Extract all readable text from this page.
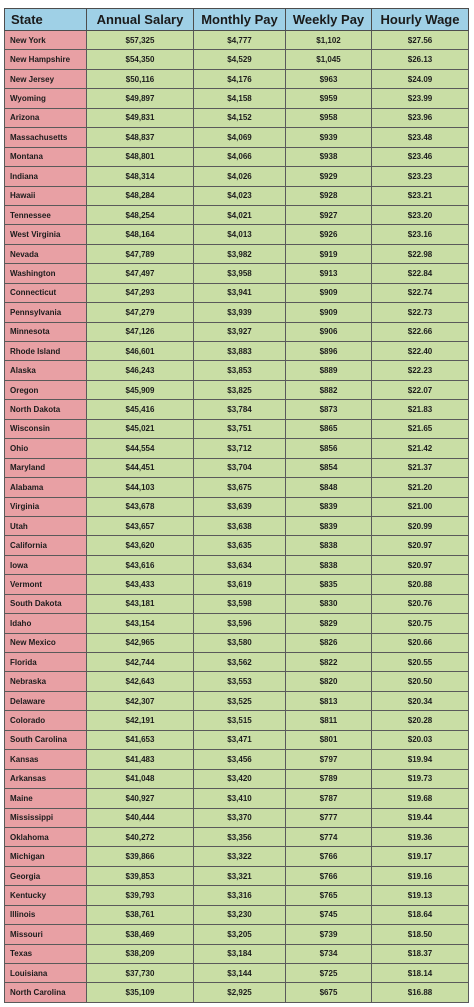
State	Annual Salary	Monthly Pay	Weekly Pay	Hourly Wage
New York	$57,325	$4,777	$1,102	$27.56
New Hampshire	$54,350	$4,529	$1,045	$26.13
New Jersey	$50,116	$4,176	$963	$24.09
Wyoming	$49,897	$4,158	$959	$23.99
Arizona	$49,831	$4,152	$958	$23.96
Massachusetts	$48,837	$4,069	$939	$23.48
Montana	$48,801	$4,066	$938	$23.46
Indiana	$48,314	$4,026	$929	$23.23
Hawaii	$48,284	$4,023	$928	$23.21
Tennessee	$48,254	$4,021	$927	$23.20
West Virginia	$48,164	$4,013	$926	$23.16
Nevada	$47,789	$3,982	$919	$22.98
Washington	$47,497	$3,958	$913	$22.84
Connecticut	$47,293	$3,941	$909	$22.74
Pennsylvania	$47,279	$3,939	$909	$22.73
Minnesota	$47,126	$3,927	$906	$22.66
Rhode Island	$46,601	$3,883	$896	$22.40
Alaska	$46,243	$3,853	$889	$22.23
Oregon	$45,909	$3,825	$882	$22.07
North Dakota	$45,416	$3,784	$873	$21.83
Wisconsin	$45,021	$3,751	$865	$21.65
Ohio	$44,554	$3,712	$856	$21.42
Maryland	$44,451	$3,704	$854	$21.37
Alabama	$44,103	$3,675	$848	$21.20
Virginia	$43,678	$3,639	$839	$21.00
Utah	$43,657	$3,638	$839	$20.99
California	$43,620	$3,635	$838	$20.97
Iowa	$43,616	$3,634	$838	$20.97
Vermont	$43,433	$3,619	$835	$20.88
South Dakota	$43,181	$3,598	$830	$20.76
Idaho	$43,154	$3,596	$829	$20.75
New Mexico	$42,965	$3,580	$826	$20.66
Florida	$42,744	$3,562	$822	$20.55
Nebraska	$42,643	$3,553	$820	$20.50
Delaware	$42,307	$3,525	$813	$20.34
Colorado	$42,191	$3,515	$811	$20.28
South Carolina	$41,653	$3,471	$801	$20.03
Kansas	$41,483	$3,456	$797	$19.94
Arkansas	$41,048	$3,420	$789	$19.73
Maine	$40,927	$3,410	$787	$19.68
Mississippi	$40,444	$3,370	$777	$19.44
Oklahoma	$40,272	$3,356	$774	$19.36
Michigan	$39,866	$3,322	$766	$19.17
Georgia	$39,853	$3,321	$766	$19.16
Kentucky	$39,793	$3,316	$765	$19.13
Illinois	$38,761	$3,230	$745	$18.64
Missouri	$38,469	$3,205	$739	$18.50
Texas	$38,209	$3,184	$734	$18.37
Louisiana	$37,730	$3,144	$725	$18.14
North Carolina	$35,109	$2,925	$675	$16.88
